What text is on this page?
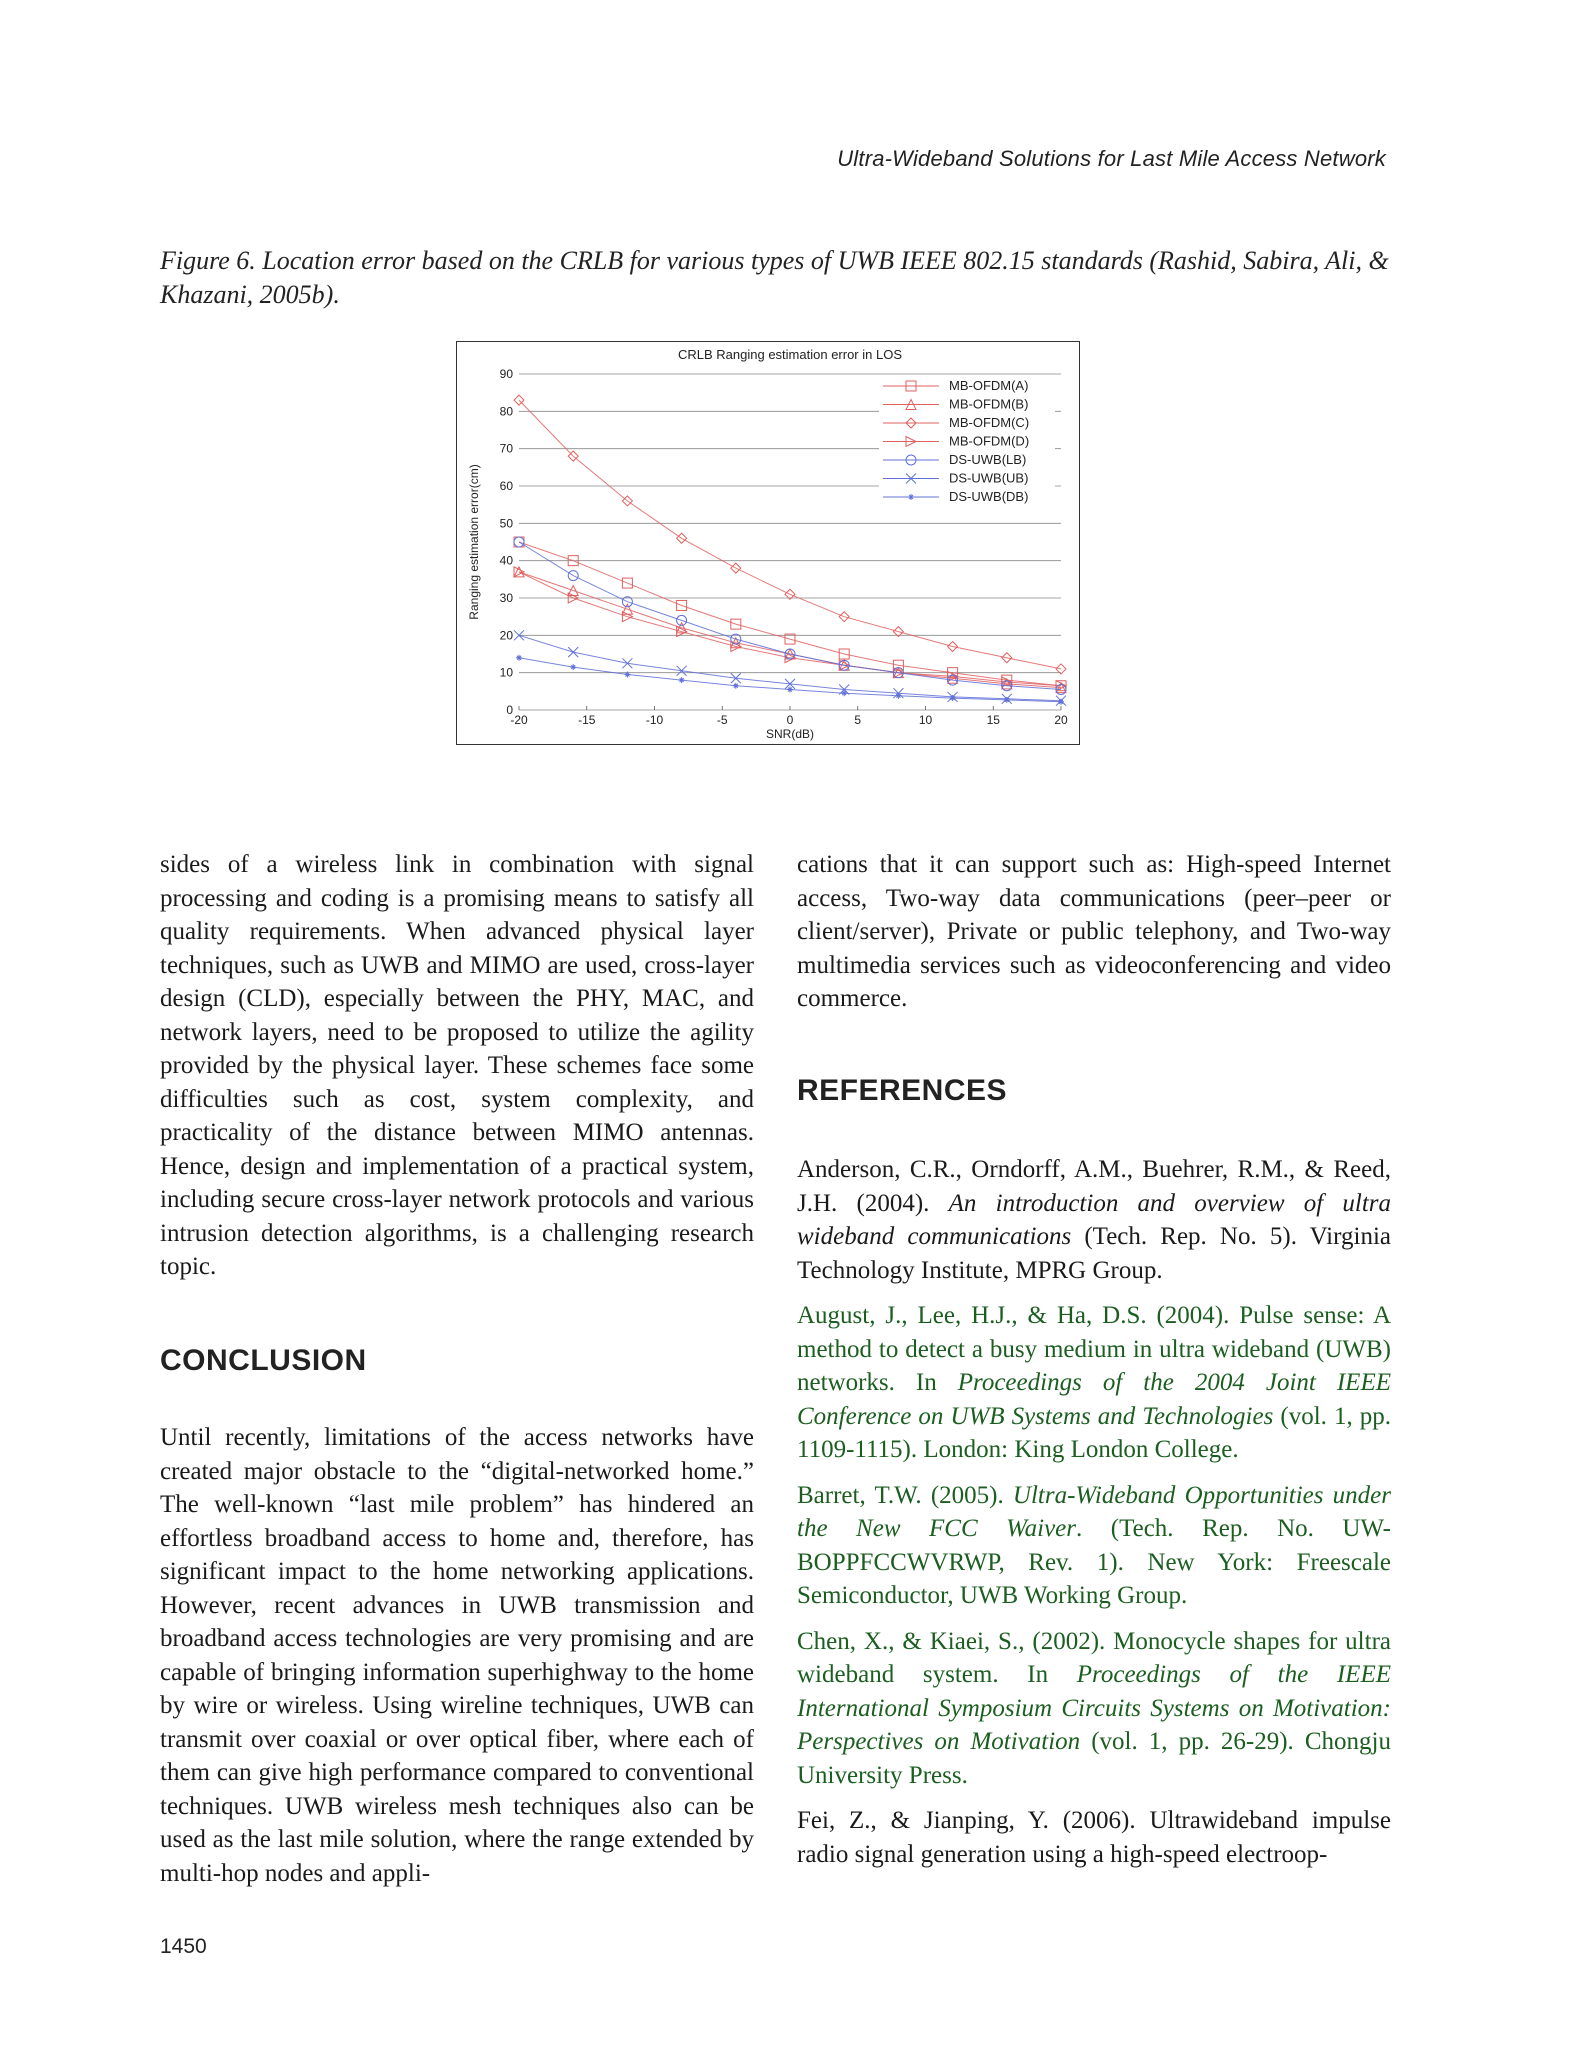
Ultra-Wideband Solutions for Last Mile Access Network
Figure 6. Location error based on the CRLB for various types of UWB IEEE 802.15 standards (Rashid, Sabira, Ali, & Khazani, 2005b).
CRLB Ranging estimation error in LOS
0
10
20
30
40
50
60
70
80
90
-20	-15	-10	-5	0	5	10	15	20
SNR(dB)
Ranging estimation error(cm)
MB-OFDM(A)
MB-OFDM(B)
MB-OFDM(C)
MB-OFDM(D)
DS-UWB(LB)
DS-UWB(UB)
DS-UWB(DB)

sides of a wireless link in combination with signal processing and coding is a promising means to satisfy all quality requirements. When advanced physical layer techniques, such as UWB and MIMO are used, cross-layer design (CLD), especially between the PHY, MAC, and network layers, need to be proposed to utilize the agility provided by the physical layer. These schemes face some difficulties such as cost, system complexity, and practicality of the distance between MIMO antennas. Hence, design and implementation of a practical system, including secure cross-layer network protocols and various intrusion detection algorithms, is a challenging research topic.

CONCLUSION

Until recently, limitations of the access networks have created major obstacle to the “digital-networked home.” The well-known “last mile problem” has hindered an effortless broadband access to home and, therefore, has significant impact to the home networking applications. However, recent advances in UWB transmission and broadband access technologies are very promising and are capable of bringing information superhighway to the home by wire or wireless. Using wireline techniques, UWB can transmit over coaxial or over optical fiber, where each of them can give high performance compared to conventional techniques. UWB wireless mesh techniques also can be used as the last mile solution, where the range extended by multi-hop nodes and appli-

cations that it can support such as: High-speed Internet access, Two-way data communications (peer–peer or client/server), Private or public telephony, and Two-way multimedia services such as videoconferencing and video commerce.

REFERENCES

Anderson, C.R., Orndorff, A.M., Buehrer, R.M., & Reed, J.H. (2004). An introduction and overview of ultra wideband communications (Tech. Rep. No. 5). Virginia Technology Institute, MPRG Group.

August, J., Lee, H.J., & Ha, D.S. (2004). Pulse sense: A method to detect a busy medium in ultra wideband (UWB) networks. In Proceedings of the 2004 Joint IEEE Conference on UWB Systems and Technologies (vol. 1, pp. 1109-1115). London: King London College.

Barret, T.W. (2005). Ultra-Wideband Opportunities under the New FCC Waiver. (Tech. Rep. No. UW-BOPPFCCWVRWP, Rev. 1). New York: Freescale Semiconductor, UWB Working Group.

Chen, X., & Kiaei, S., (2002). Monocycle shapes for ultra wideband system. In Proceedings of the IEEE International Symposium Circuits Systems on Motivation: Perspectives on Motivation (vol. 1, pp. 26-29). Chongju University Press.

Fei, Z., & Jianping, Y. (2006). Ultrawideband impulse radio signal generation using a high-speed electroop-

1450
